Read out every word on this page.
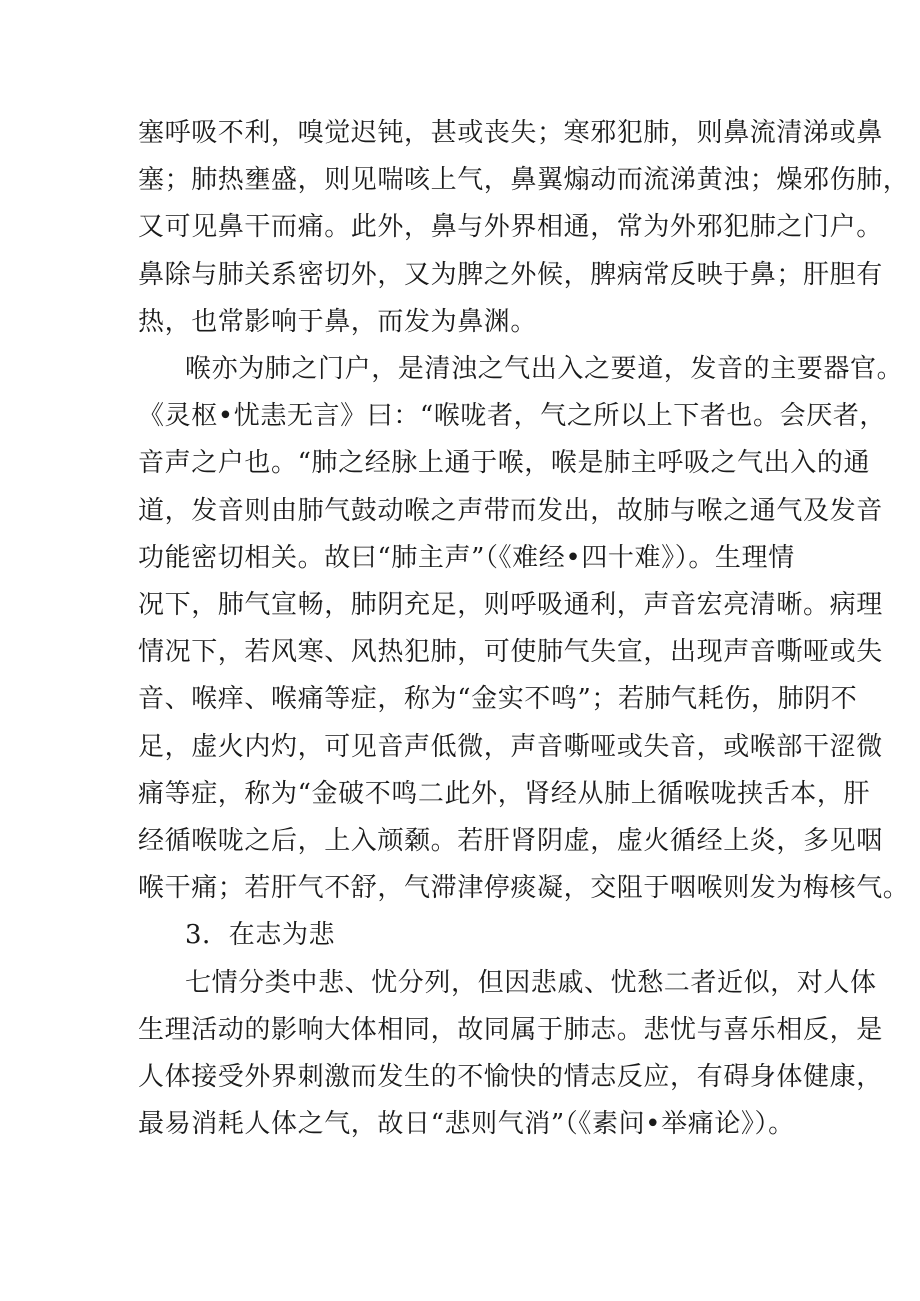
塞呼吸不利，嗅觉迟钝，甚或丧失；寒邪犯肺，则鼻流清涕或鼻

塞；肺热壅盛，则见喘咳上气，鼻翼煽动而流涕黄浊；燥邪伤肺，

又可见鼻干而痛。此外，鼻与外界相通，常为外邪犯肺之门户。

鼻除与肺关系密切外，又为脾之外候，脾病常反映于鼻；肝胆有

热，也常影响于鼻，而发为鼻渊。

喉亦为肺之门户，是清浊之气出入之要道，发音的主要器官。

《灵枢•忧恚无言》曰：“喉咙者，气之所以上下者也。会厌者，

音声之户也。“肺之经脉上通于喉，喉是肺主呼吸之气出入的通

道，发音则由肺气鼓动喉之声带而发出，故肺与喉之通气及发音

功能密切相关。故曰“肺主声”（《难经•四十难》）。生理情

况下，肺气宣畅，肺阴充足，则呼吸通利，声音宏亮清晰。病理

情况下，若风寒、风热犯肺，可使肺气失宣，出现声音嘶哑或失

音、喉痒、喉痛等症，称为“金实不鸣”；若肺气耗伤，肺阴不

足，虚火内灼，可见音声低微，声音嘶哑或失音，或喉部干涩微

痛等症，称为“金破不鸣二此外，肾经从肺上循喉咙挟舌本，肝

经循喉咙之后，上入颃颡。若肝肾阴虚，虚火循经上炎，多见咽

喉干痛；若肝气不舒，气滞津停痰凝，交阻于咽喉则发为梅核气。

3．在志为悲

七情分类中悲、忧分列，但因悲戚、忧愁二者近似，对人体

生理活动的影响大体相同，故同属于肺志。悲忧与喜乐相反，是

人体接受外界刺激而发生的不愉快的情志反应，有碍身体健康，

最易消耗人体之气，故日“悲则气消”（《素问•举痛论》）。
